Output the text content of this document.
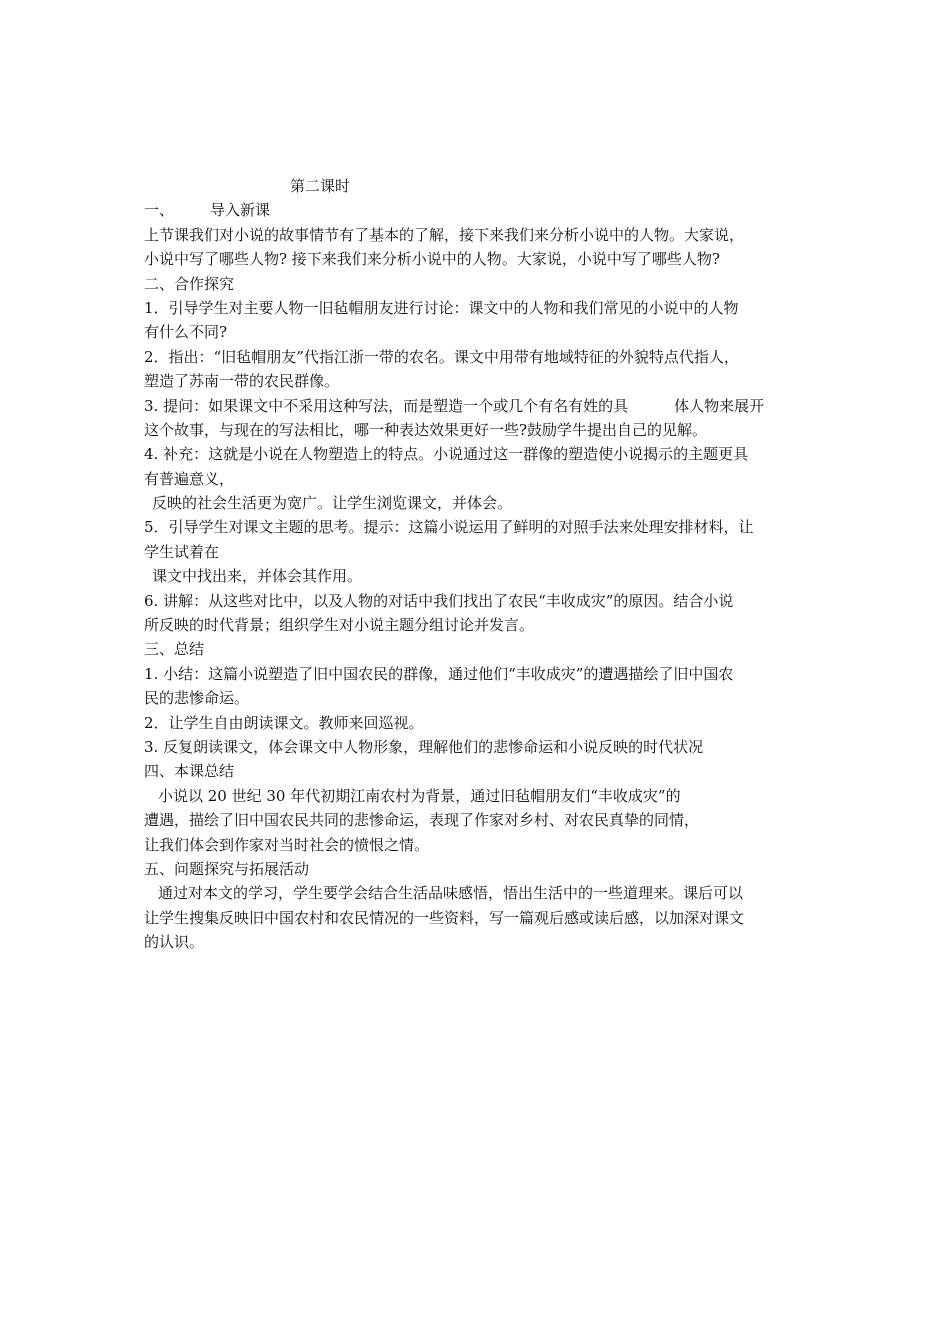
第二课时

一、 导入新课

上节课我们对小说的故事情节有了基本的了解，接下来我们来分析小说中的人物。大家说，

小说中写了哪些人物? 接下来我们来分析小说中的人物。大家说，小说中写了哪些人物?

二、合作探究

1．引导学生对主要人物一旧毡帽朋友进行讨论：课文中的人物和我们常见的小说中的人物

有什么不同?

2．指出：“旧毡帽朋友”代指江浙一带的农名。课文中用带有地域特征的外貌特点代指人，

塑造了苏南一带的农民群像。

3. 提问：如果课文中不采用这种写法，而是塑造一个或几个有名有姓的具	体人物来展开

这个故事，与现在的写法相比，哪一种表达效果更好一些?鼓励学牛提出自己的见解。

4. 补充：这就是小说在人物塑造上的特点。小说通过这一群像的塑造使小说揭示的主题更具

有普遍意义，

反映的社会生活更为宽广。让学生浏览课文，并体会。

5．引导学生对课文主题的思考。提示：这篇小说运用了鲜明的对照手法来处理安排材料，让

学生试着在

课文中找出来，并体会其作用。

6. 讲解：从这些对比中，以及人物的对话中我们找出了农民“丰收成灾”的原因。结合小说

所反映的时代背景；组织学生对小说主题分组讨论并发言。

三、总结

1. 小结：这篇小说塑造了旧中国农民的群像，通过他们“丰收成灾”的遭遇描绘了旧中国农

民的悲惨命运。

2．让学生自由朗读课文。教师来回巡视。

3. 反复朗读课文，体会课文中人物形象，理解他们的悲惨命运和小说反映的时代状况

四、本课总结

小说以 20 世纪 30 年代初期江南农村为背景，通过旧毡帽朋友们“丰收成灾”的

遭遇，描绘了旧中国农民共同的悲惨命运，表现了作家对乡村、对农民真挚的同情，

让我们体会到作家对当时社会的愤恨之情。

五、问题探究与拓展活动

通过对本文的学习，学生要学会结合生活品味感悟，悟出生活中的一些道理来。课后可以

让学生搜集反映旧中国农村和农民情况的一些资料，写一篇观后感或读后感，以加深对课文

的认识。
